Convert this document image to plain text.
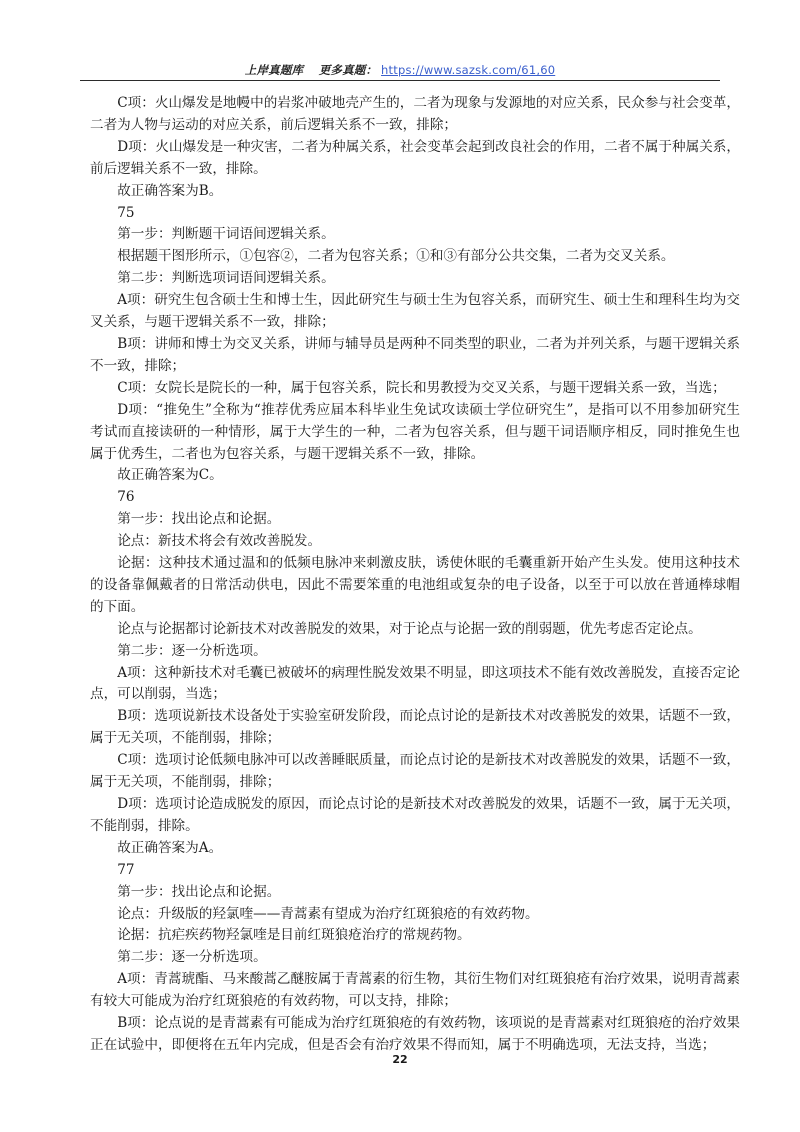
上岸真题库 更多真题： https://www.sazsk.com/61,60

C项：火山爆发是地幔中的岩浆冲破地壳产生的，二者为现象与发源地的对应关系，民众参与社会变革，二者为人物与运动的对应关系，前后逻辑关系不一致，排除；

D项：火山爆发是一种灾害，二者为种属关系，社会变革会起到改良社会的作用，二者不属于种属关系，前后逻辑关系不一致，排除。

故正确答案为B。

75

第一步：判断题干词语间逻辑关系。

根据题干图形所示，①包容②，二者为包容关系；①和③有部分公共交集，二者为交叉关系。

第二步：判断选项词语间逻辑关系。

A项：研究生包含硕士生和博士生，因此研究生与硕士生为包容关系，而研究生、硕士生和理科生均为交叉关系，与题干逻辑关系不一致，排除；

B项：讲师和博士为交叉关系，讲师与辅导员是两种不同类型的职业，二者为并列关系，与题干逻辑关系不一致，排除；

C项：女院长是院长的一种，属于包容关系，院长和男教授为交叉关系，与题干逻辑关系一致，当选；

D项：“推免生”全称为“推荐优秀应届本科毕业生免试攻读硕士学位研究生”，是指可以不用参加研究生考试而直接读研的一种情形，属于大学生的一种，二者为包容关系，但与题干词语顺序相反，同时推免生也属于优秀生，二者也为包容关系，与题干逻辑关系不一致，排除。

故正确答案为C。

76

第一步：找出论点和论据。

论点：新技术将会有效改善脱发。

论据：这种技术通过温和的低频电脉冲来刺激皮肤，诱使休眠的毛囊重新开始产生头发。使用这种技术的设备靠佩戴者的日常活动供电，因此不需要笨重的电池组或复杂的电子设备，以至于可以放在普通棒球帽的下面。

论点与论据都讨论新技术对改善脱发的效果，对于论点与论据一致的削弱题，优先考虑否定论点。

第二步：逐一分析选项。

A项：这种新技术对毛囊已被破坏的病理性脱发效果不明显，即这项技术不能有效改善脱发，直接否定论点，可以削弱，当选；

B项：选项说新技术设备处于实验室研发阶段，而论点讨论的是新技术对改善脱发的效果，话题不一致，属于无关项，不能削弱，排除；

C项：选项讨论低频电脉冲可以改善睡眠质量，而论点讨论的是新技术对改善脱发的效果，话题不一致，属于无关项，不能削弱，排除；

D项：选项讨论造成脱发的原因，而论点讨论的是新技术对改善脱发的效果，话题不一致，属于无关项，不能削弱，排除。

故正确答案为A。

77

第一步：找出论点和论据。

论点：升级版的羟氯喹——青蒿素有望成为治疗红斑狼疮的有效药物。

论据：抗疟疾药物羟氯喹是目前红斑狼疮治疗的常规药物。

第二步：逐一分析选项。

A项：青蒿琥酯、马来酸蒿乙醚胺属于青蒿素的衍生物，其衍生物们对红斑狼疮有治疗效果，说明青蒿素有较大可能成为治疗红斑狼疮的有效药物，可以支持，排除；

B项：论点说的是青蒿素有可能成为治疗红斑狼疮的有效药物，该项说的是青蒿素对红斑狼疮的治疗效果正在试验中，即便将在五年内完成，但是否会有治疗效果不得而知，属于不明确选项，无法支持，当选；

22
